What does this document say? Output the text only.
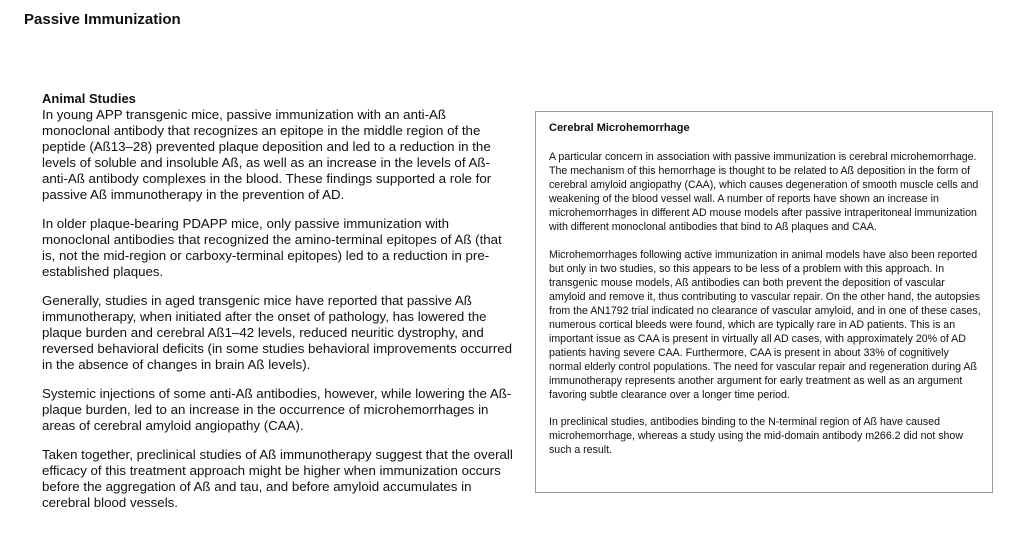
Passive Immunization
Animal Studies

In young APP transgenic mice, passive immunization with an anti-Aß monoclonal antibody that recognizes an epitope in the middle region of the peptide (Aß13–28) prevented plaque deposition and led to a reduction in the levels of soluble and insoluble Aß, as well as an increase in the levels of Aß-anti-Aß antibody complexes in the blood. These findings supported a role for passive Aß immunotherapy in the prevention of AD.

In older plaque-bearing PDAPP mice, only passive immunization with monoclonal antibodies that recognized the amino-terminal epitopes of Aß (that is, not the mid-region or carboxy-terminal epitopes) led to a reduction in pre-established plaques.

Generally, studies in aged transgenic mice have reported that passive Aß immunotherapy, when initiated after the onset of pathology, has lowered the plaque burden and cerebral Aß1–42 levels, reduced neuritic dystrophy, and reversed behavioral deficits (in some studies behavioral improvements occurred in the absence of changes in brain Aß levels).

Systemic injections of some anti-Aß antibodies, however, while lowering the Aß-plaque burden, led to an increase in the occurrence of microhemorrhages in areas of cerebral amyloid angiopathy (CAA).

Taken together, preclinical studies of Aß immunotherapy suggest that the overall efficacy of this treatment approach might be higher when immunization occurs before the aggregation of Aß and tau, and before amyloid accumulates in cerebral blood vessels.

Cerebral Microhemorrhage

A particular concern in association with passive immunization is cerebral microhemorrhage. The mechanism of this hemorrhage is thought to be related to Aß deposition in the form of cerebral amyloid angiopathy (CAA), which causes degeneration of smooth muscle cells and weakening of the blood vessel wall. A number of reports have shown an increase in microhemorrhages in different AD mouse models after passive intraperitoneal immunization with different monoclonal antibodies that bind to Aß plaques and CAA.

Microhemorrhages following active immunization in animal models have also been reported but only in two studies, so this appears to be less of a problem with this approach. In transgenic mouse models, Aß antibodies can both prevent the deposition of vascular amyloid and remove it, thus contributing to vascular repair. On the other hand, the autopsies from the AN1792 trial indicated no clearance of vascular amyloid, and in one of these cases, numerous cortical bleeds were found, which are typically rare in AD patients. This is an important issue as CAA is present in virtually all AD cases, with approximately 20% of AD patients having severe CAA. Furthermore, CAA is present in about 33% of cognitively normal elderly control populations. The need for vascular repair and regeneration during Aß immunotherapy represents another argument for early treatment as well as an argument favoring subtle clearance over a longer time period.

In preclinical studies, antibodies binding to the N-terminal region of Aß have caused microhemorrhage, whereas a study using the mid-domain antibody m266.2 did not show such a result.
